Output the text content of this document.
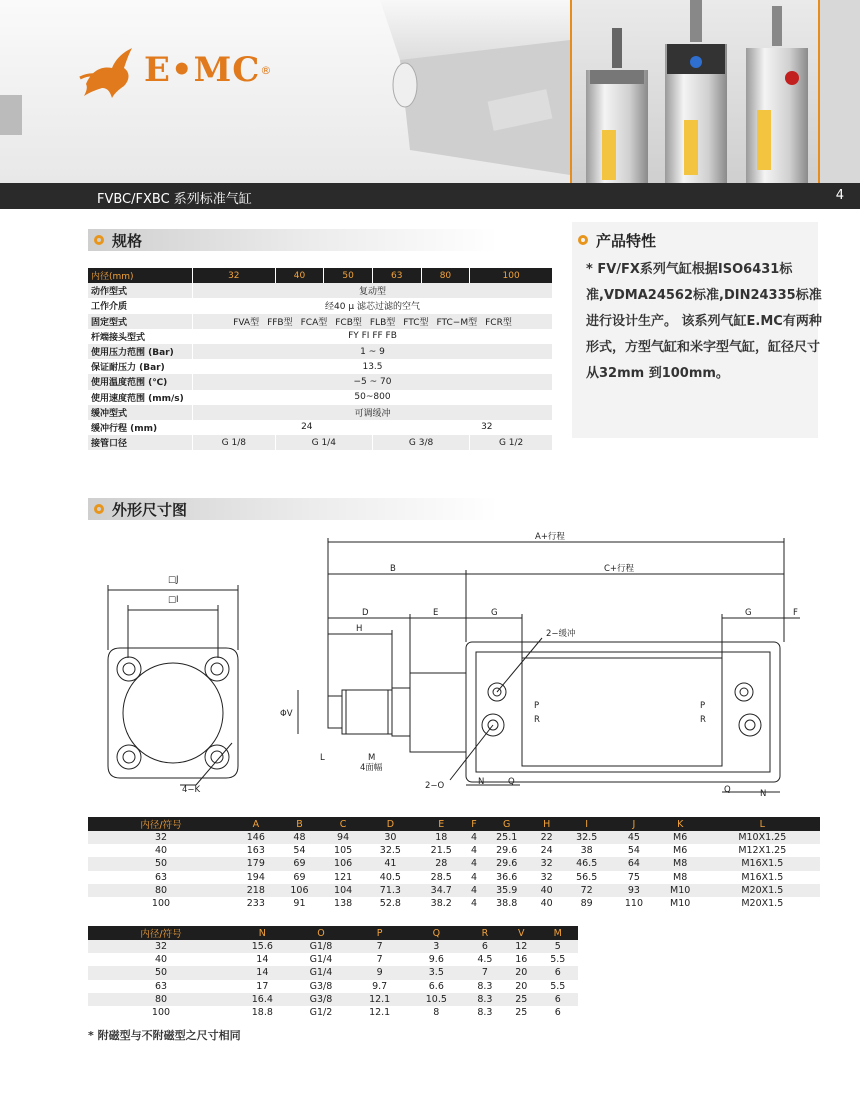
E•MC ®
FVBC/FXBC 系列标准气缸	4
规格
内径(mm)	32	40	50	63	80	100
动作型式	复动型					
工作介质	经40 μ 滤芯过滤的空气					
固定型式	FVA型 FFB型 FCA型 FCB型 FLB型 FTC型 FTC−M型 FCR型					
杆端接头型式	FY FI FF FB					
使用压力范围 (Bar)	1 ~ 9					
保证耐压力 (Bar)	13.5					
使用温度范围 (℃)	−5 ~ 70					
使用速度范围 (mm/s)	50~800					
缓冲型式	可调缓冲					
缓冲行程 (mm)	24				32	
接管口径	G 1/8	G 1/4		G 3/8		G 1/2
产品特性
* FV/FX系列气缸根据ISO6431标准,VDMA24562标准,DIN24335标准进行设计生产。 该系列气缸E.MC有两种形式，方型气缸和米字型气缸，缸径尺寸从32mm 到100mm。
外形尺寸图
□J
□I
4−K
A+行程
B	C+行程
D	E	G	G	F
H	2−缓冲
ΦV
L	M
4面幅
2−O	N	Q
Q	N
P
R
P
R
内径/符号	A	B	C	D	E	F	G	H	I	J	K	L
32	146	48	94	30	18	4	25.1	22	32.5	45	M6	M10X1.25
40	163	54	105	32.5	21.5	4	29.6	24	38	54	M6	M12X1.25
50	179	69	106	41	28	4	29.6	32	46.5	64	M8	M16X1.5
63	194	69	121	40.5	28.5	4	36.6	32	56.5	75	M8	M16X1.5
80	218	106	104	71.3	34.7	4	35.9	40	72	93	M10	M20X1.5
100	233	91	138	52.8	38.2	4	38.8	40	89	110	M10	M20X1.5
内径/符号	N	O	P	Q	R	V	M
32	15.6	G1/8	7	3	6	12	5
40	14	G1/4	7	9.6	4.5	16	5.5
50	14	G1/4	9	3.5	7	20	6
63	17	G3/8	9.7	6.6	8.3	20	5.5
80	16.4	G3/8	12.1	10.5	8.3	25	6
100	18.8	G1/2	12.1	8	8.3	25	6
* 附磁型与不附磁型之尺寸相同
